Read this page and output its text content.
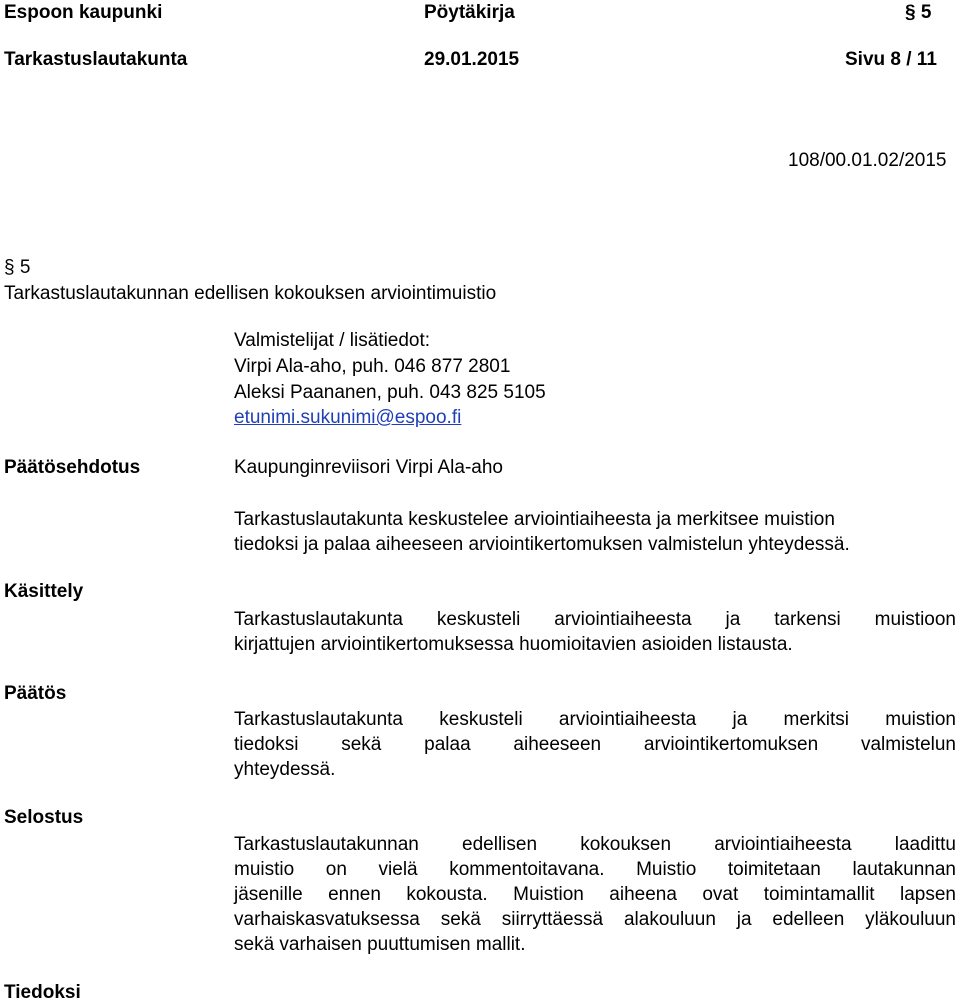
Espoon kaupunki	Pöytäkirja	§ 5
Tarkastuslautakunta	29.01.2015	Sivu 8 / 11
108/00.01.02/2015
§ 5
Tarkastuslautakunnan edellisen kokouksen arviointimuistio
Valmistelijat / lisätiedot:
Virpi Ala-aho, puh. 046 877 2801
Aleksi Paananen, puh. 043 825 5105
etunimi.sukunimi@espoo.fi
Päätösehdotus	Kaupunginreviisori Virpi Ala-aho
Tarkastuslautakunta keskustelee arviointiaiheesta ja merkitsee muistion
tiedoksi ja palaa aiheeseen arviointikertomuksen valmistelun yhteydessä.
Käsittely
Tarkastuslautakunta keskusteli arviointiaiheesta ja tarkensi muistioon
kirjattujen arviointikertomuksessa huomioitavien asioiden listausta.
Päätös
Tarkastuslautakunta keskusteli arviointiaiheesta ja merkitsi muistion
tiedoksi sekä palaa aiheeseen arviointikertomuksen valmistelun
yhteydessä.
Selostus
Tarkastuslautakunnan edellisen kokouksen arviointiaiheesta laadittu
muistio on vielä kommentoitavana. Muistio toimitetaan lautakunnan
jäsenille ennen kokousta. Muistion aiheena ovat toimintamallit lapsen
varhaiskasvatuksessa sekä siirryttäessä alakouluun ja edelleen yläkouluun
sekä varhaisen puuttumisen mallit.
Tiedoksi
